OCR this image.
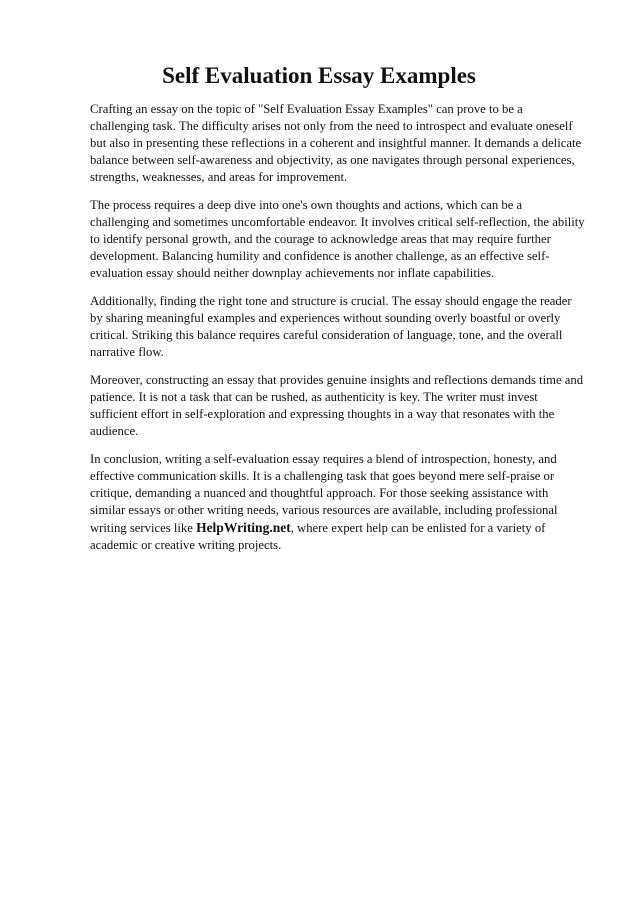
Self Evaluation Essay Examples

Crafting an essay on the topic of "Self Evaluation Essay Examples" can prove to be a
challenging task. The difficulty arises not only from the need to introspect and evaluate oneself
but also in presenting these reflections in a coherent and insightful manner. It demands a delicate
balance between self-awareness and objectivity, as one navigates through personal experiences,
strengths, weaknesses, and areas for improvement.

The process requires a deep dive into one's own thoughts and actions, which can be a
challenging and sometimes uncomfortable endeavor. It involves critical self-reflection, the ability
to identify personal growth, and the courage to acknowledge areas that may require further
development. Balancing humility and confidence is another challenge, as an effective self-
evaluation essay should neither downplay achievements nor inflate capabilities.

Additionally, finding the right tone and structure is crucial. The essay should engage the reader
by sharing meaningful examples and experiences without sounding overly boastful or overly
critical. Striking this balance requires careful consideration of language, tone, and the overall
narrative flow.

Moreover, constructing an essay that provides genuine insights and reflections demands time and
patience. It is not a task that can be rushed, as authenticity is key. The writer must invest
sufficient effort in self-exploration and expressing thoughts in a way that resonates with the
audience.

In conclusion, writing a self-evaluation essay requires a blend of introspection, honesty, and
effective communication skills. It is a challenging task that goes beyond mere self-praise or
critique, demanding a nuanced and thoughtful approach. For those seeking assistance with
similar essays or other writing needs, various resources are available, including professional
writing services like HelpWriting.net, where expert help can be enlisted for a variety of
academic or creative writing projects.
